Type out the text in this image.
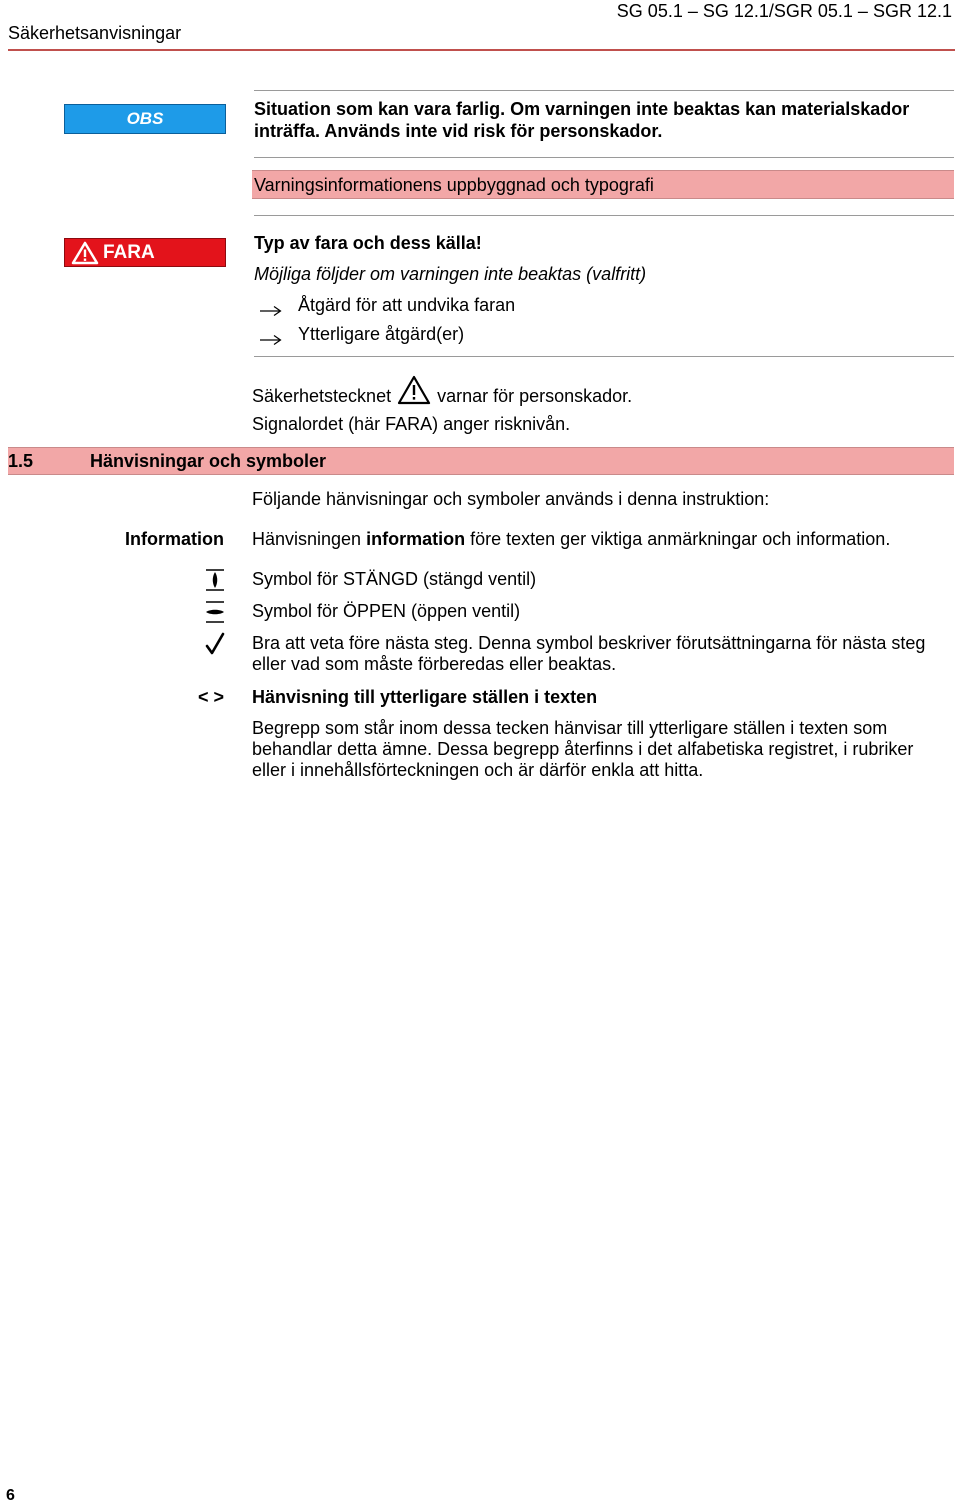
Säkerhetsanvisningar
SG 05.1 – SG 12.1/SGR 05.1 – SGR 12.1
OBS	Situation som kan vara farlig. Om varningen inte beaktas kan materialskador
inträffa. Används inte vid risk för personskador.
Varningsinformationens uppbyggnad och typografi
FARA	Typ av fara och dess källa!
Möjliga följder om varningen inte beaktas (valfritt)
Åtgärd för att undvika faran
Ytterligare åtgärd(er)
Säkerhetstecknet	varnar för personskador.
Signalordet (här FARA) anger risknivån.
1.5	Hänvisningar och symboler
Följande hänvisningar och symboler används i denna instruktion:
Information Hänvisningen information före texten ger viktiga anmärkningar och information.
Symbol för STÄNGD (stängd ventil)
Symbol för ÖPPEN (öppen ventil)
Bra att veta före nästa steg. Denna symbol beskriver förutsättningarna för nästa steg
eller vad som måste förberedas eller beaktas.
< > Hänvisning till ytterligare ställen i texten
Begrepp som står inom dessa tecken hänvisar till ytterligare ställen i texten som
behandlar detta ämne. Dessa begrepp återfinns i det alfabetiska registret, i rubriker
eller i innehållsförteckningen och är därför enkla att hitta.
6
